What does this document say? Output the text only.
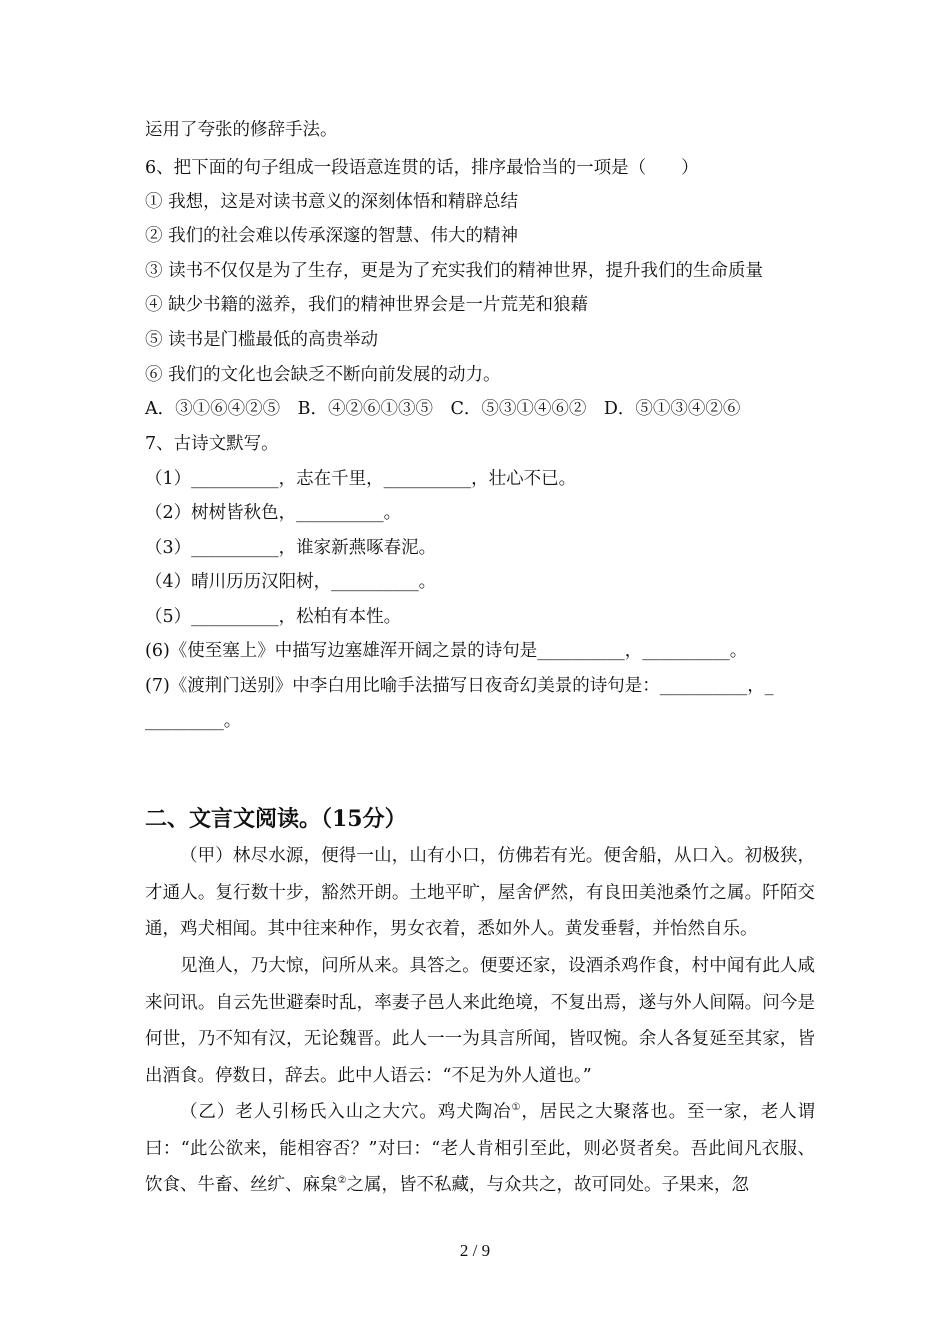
运用了夸张的修辞手法。
6、把下面的句子组成一段语意连贯的话，排序最恰当的一项是（　　）
① 我想，这是对读书意义的深刻体悟和精辟总结
② 我们的社会难以传承深邃的智慧、伟大的精神
③ 读书不仅仅是为了生存，更是为了充实我们的精神世界，提升我们的生命质量
④ 缺少书籍的滋养，我们的精神世界会是一片荒芜和狼藉
⑤ 读书是门槛最低的高贵举动
⑥ 我们的文化也会缺乏不断向前发展的动力。
A．③①⑥④②⑤　B．④②⑥①③⑤　C．⑤③①④⑥②　D．⑤①③④②⑥
7、古诗文默写。
（1）__________，志在千里，__________，壮心不已。
（2）树树皆秋色，__________。
（3）__________，谁家新燕啄春泥。
（4）晴川历历汉阳树，__________。
（5）__________，松柏有本性。
(6)《使至塞上》中描写边塞雄浑开阔之景的诗句是__________，__________。
(7)《渡荆门送别》中李白用比喻手法描写日夜奇幻美景的诗句是：__________，_
_________。
二、文言文阅读。（15分）
（甲）林尽水源，便得一山，山有小口，仿佛若有光。便舍船，从口入。初极狭，才通人。复行数十步，豁然开朗。土地平旷，屋舍俨然，有良田美池桑竹之属。阡陌交通，鸡犬相闻。其中往来种作，男女衣着，悉如外人。黄发垂髫，并怡然自乐。
见渔人，乃大惊，问所从来。具答之。便要还家，设酒杀鸡作食，村中闻有此人咸来问讯。自云先世避秦时乱，率妻子邑人来此绝境，不复出焉，遂与外人间隔。问今是何世，乃不知有汉，无论魏晋。此人一一为具言所闻，皆叹惋。余人各复延至其家，皆出酒食。停数日，辞去。此中人语云：“不足为外人道也。”
（乙）老人引杨氏入山之大穴。鸡犬陶冶①，居民之大聚落也。至一家，老人谓曰：“此公欲来，能相容否？”对曰：“老人肯相引至此，则必贤者矣。吾此间凡衣服、饮食、牛畜、丝纩、麻枲②之属，皆不私藏，与众共之，故可同处。子果来，忽
2 / 9
